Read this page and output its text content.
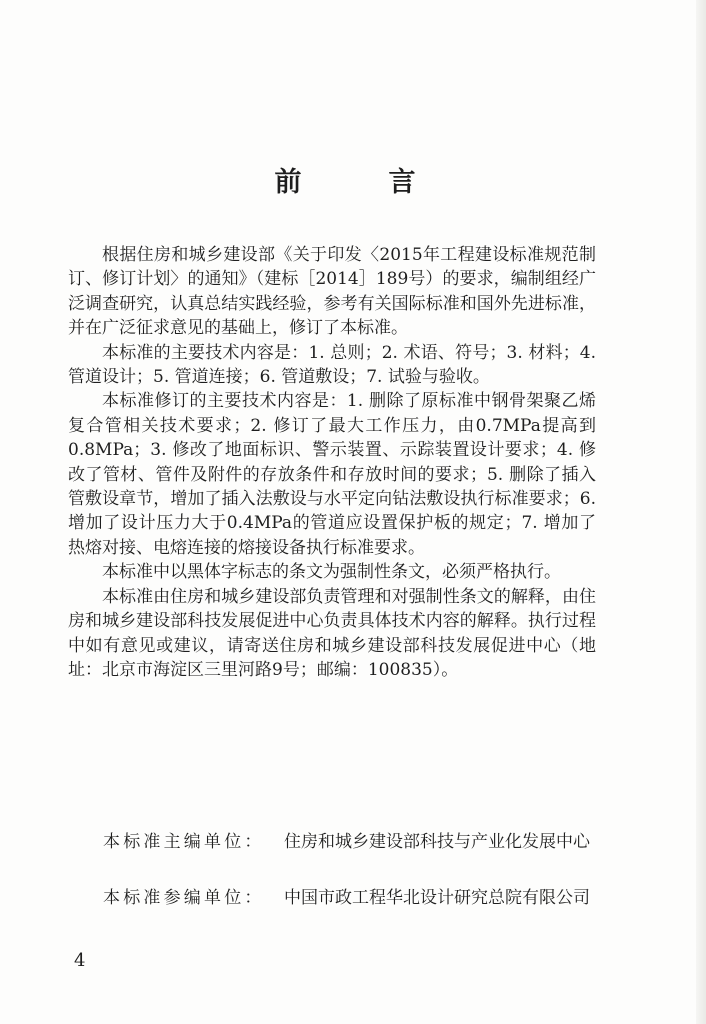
前　言

根据住房和城乡建设部《关于印发〈2015年工程建设标准规范制订、修订计划〉的通知》（建标［2014］189号）的要求，编制组经广泛调查研究，认真总结实践经验，参考有关国际标准和国外先进标准，并在广泛征求意见的基础上，修订了本标准。

本标准的主要技术内容是：1. 总则；2. 术语、符号；3. 材料；4. 管道设计；5. 管道连接；6. 管道敷设；7. 试验与验收。

本标准修订的主要技术内容是：1. 删除了原标准中钢骨架聚乙烯复合管相关技术要求；2. 修订了最大工作压力，由0.7MPa提高到0.8MPa；3. 修改了地面标识、警示装置、示踪装置设计要求；4. 修改了管材、管件及附件的存放条件和存放时间的要求；5. 删除了插入管敷设章节，增加了插入法敷设与水平定向钻法敷设执行标准要求；6. 增加了设计压力大于0.4MPa的管道应设置保护板的规定；7. 增加了热熔对接、电熔连接的熔接设备执行标准要求。

本标准中以黑体字标志的条文为强制性条文，必须严格执行。

本标准由住房和城乡建设部负责管理和对强制性条文的解释，由住房和城乡建设部科技发展促进中心负责具体技术内容的解释。执行过程中如有意见或建议，请寄送住房和城乡建设部科技发展促进中心（地址：北京市海淀区三里河路9号；邮编：100835）。

本标准主编单位：	住房和城乡建设部科技与产业化发展中心
本标准参编单位：	中国市政工程华北设计研究总院有限公司
4
